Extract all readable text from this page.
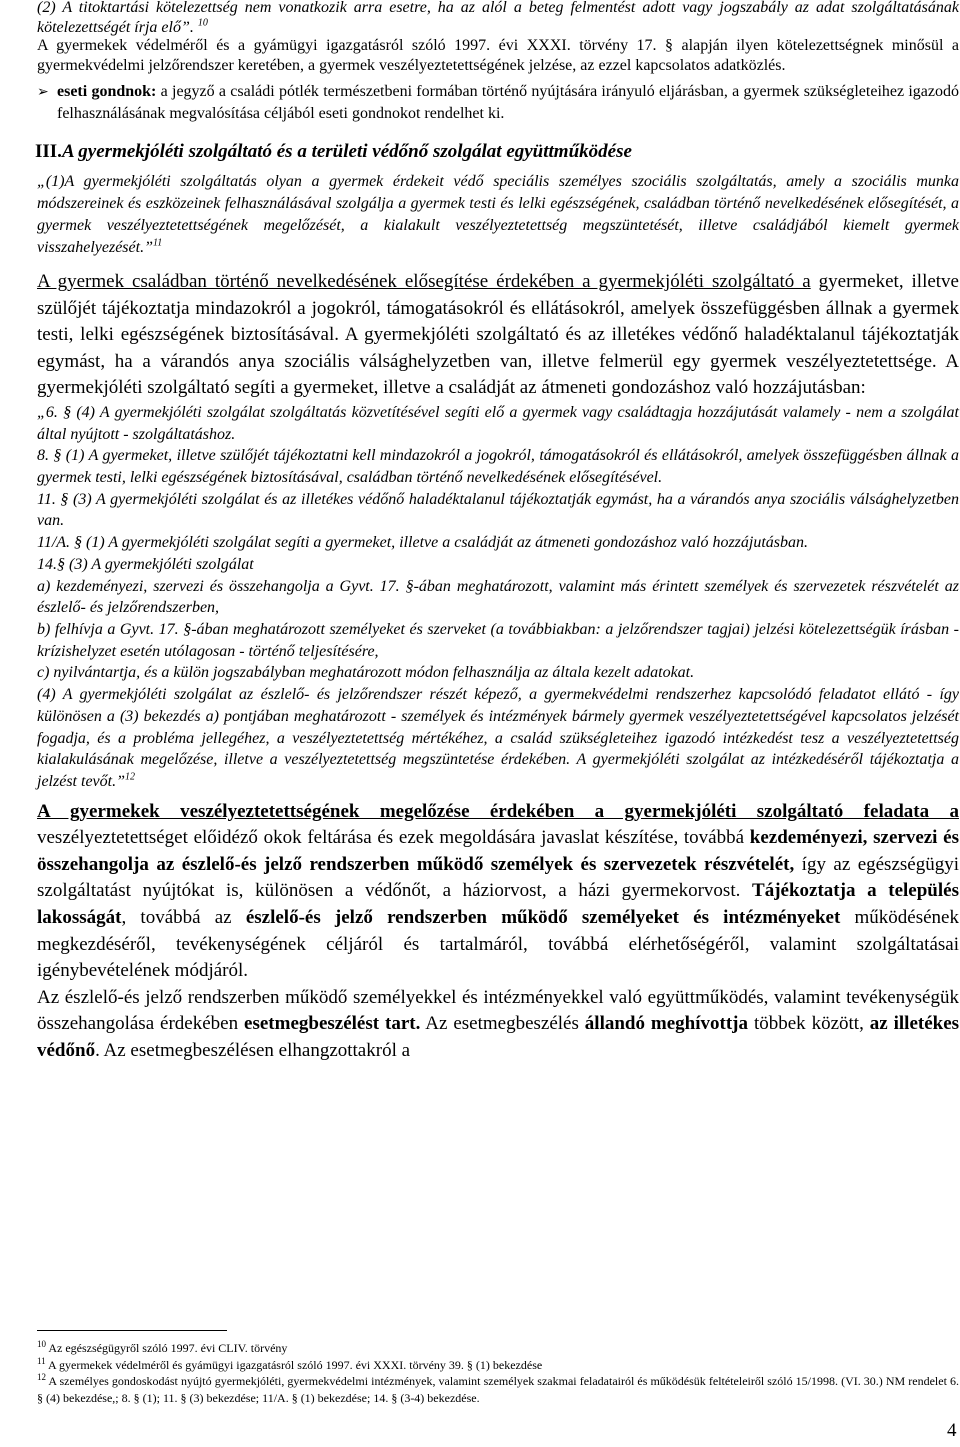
(2) A titoktartási kötelezettség nem vonatkozik arra esetre, ha az alól a beteg felmentést adott vagy jogszabály az adat szolgáltatásának kötelezettségét írja elő”. $^{10}$

A gyermekek védelméről és a gyámügyi igazgatásról szóló 1997. évi XXXI. törvény 17. § alapján ilyen kötelezettségnek minősül a gyermekvédelmi jelzőrendszer keretében, a gyermek veszélyeztetettségének jelzése, az ezzel kapcsolatos adatközlés.

➢ eseti gondnok: a jegyző a családi pótlék természetbeni formában történő nyújtására irányuló eljárásban, a gyermek szükségleteihez igazodó felhasználásának megvalósítása céljából eseti gondnokot rendelhet ki.

III.A gyermekjóléti szolgáltató és a területi védőnő szolgálat együttműködése

„(1)A gyermekjóléti szolgáltatás olyan a gyermek érdekeit védő speciális személyes szociális szolgáltatás, amely a szociális munka módszereinek és eszközeinek felhasználásával szolgálja a gyermek testi és lelki egészségének, családban történő nevelkedésének elősegítését, a gyermek veszélyeztetettségének megelőzését, a kialakult veszélyeztetettség megszüntetését, illetve családjából kiemelt gyermek visszahelyezését.”$^{11}$

A gyermek családban történő nevelkedésének elősegítése érdekében a gyermekjóléti szolgáltató a gyermeket, illetve szülőjét tájékoztatja mindazokról a jogokról, támogatásokról és ellátásokról, amelyek összefüggésben állnak a gyermek testi, lelki egészségének biztosításával. A gyermekjóléti szolgáltató és az illetékes védőnő haladéktalanul tájékoztatják egymást, ha a várandós anya szociális válsághelyzetben van, illetve felmerül egy gyermek veszélyeztetettsége. A gyermekjóléti szolgáltató segíti a gyermeket, illetve a családját az átmeneti gondozáshoz való hozzájutásban:

„6. § (4) A gyermekjóléti szolgálat szolgáltatás közvetítésével segíti elő a gyermek vagy családtagja hozzájutását valamely - nem a szolgálat által nyújtott - szolgáltatáshoz.

8. § (1) A gyermeket, illetve szülőjét tájékoztatni kell mindazokról a jogokról, támogatásokról és ellátásokról, amelyek összefüggésben állnak a gyermek testi, lelki egészségének biztosításával, családban történő nevelkedésének elősegítésével.

11. § (3) A gyermekjóléti szolgálat és az illetékes védőnő haladéktalanul tájékoztatják egymást, ha a várandós anya szociális válsághelyzetben van.

11/A. § (1) A gyermekjóléti szolgálat segíti a gyermeket, illetve a családját az átmeneti gondozáshoz való hozzájutásban.

14.§ (3) A gyermekjóléti szolgálat

a) kezdeményezi, szervezi és összehangolja a Gyvt. 17. §-ában meghatározott, valamint más érintett személyek és szervezetek részvételét az észlelő- és jelzőrendszerben,

b) felhívja a Gyvt. 17. §-ában meghatározott személyeket és szerveket (a továbbiakban: a jelzőrendszer tagjai) jelzési kötelezettségük írásban - krízishelyzet esetén utólagosan - történő teljesítésére,

c) nyilvántartja, és a külön jogszabályban meghatározott módon felhasználja az általa kezelt adatokat.

(4) A gyermekjóléti szolgálat az észlelő- és jelzőrendszer részét képező, a gyermekvédelmi rendszerhez kapcsolódó feladatot ellátó - így különösen a (3) bekezdés a) pontjában meghatározott - személyek és intézmények bármely gyermek veszélyeztetettségével kapcsolatos jelzését fogadja, és a probléma jellegéhez, a veszélyeztetettség mértékéhez, a család szükségleteihez igazodó intézkedést tesz a veszélyeztetettség kialakulásának megelőzése, illetve a veszélyeztetettség megszüntetése érdekében. A gyermekjóléti szolgálat az intézkedéséről tájékoztatja a jelzést tevőt.”$^{12}$

A gyermekek veszélyeztetettségének megelőzése érdekében a gyermekjóléti szolgáltató feladata a veszélyeztetettséget előidéző okok feltárása és ezek megoldására javaslat készítése, továbbá kezdeményezi, szervezi és összehangolja az észlelő-és jelző rendszerben működő személyek és szervezetek részvételét, így az egészségügyi szolgáltatást nyújtókat is, különösen a védőnőt, a háziorvost, a házi gyermekorvost. Tájékoztatja a település lakosságát, továbbá az észlelő-és jelző rendszerben működő személyeket és intézményeket működésének megkezdéséről, tevékenységének céljáról és tartalmáról, továbbá elérhetőségéről, valamint szolgáltatásai igénybevételének módjáról.

Az észlelő-és jelző rendszerben működő személyekkel és intézményekkel való együttműködés, valamint tevékenységük összehangolása érdekében esetmegbeszélést tart. Az esetmegbeszélés állandó meghívottja többek között, az illetékes védőnő. Az esetmegbeszélésen elhangzottakról a

$^{10}$ Az egészségügyről szóló 1997. évi CLIV. törvény

$^{11}$ A gyermekek védelméről és gyámügyi igazgatásról szóló 1997. évi XXXI. törvény 39. § (1) bekezdése

$^{12}$ A személyes gondoskodást nyújtó gyermekjóléti, gyermekvédelmi intézmények, valamint személyek szakmai feladatairól és működésük feltételeiről szóló 15/1998. (VI. 30.) NM rendelet 6. § (4) bekezdése,; 8. § (1); 11. § (3) bekezdése; 11/A. § (1) bekezdése; 14. § (3-4) bekezdése.

4
